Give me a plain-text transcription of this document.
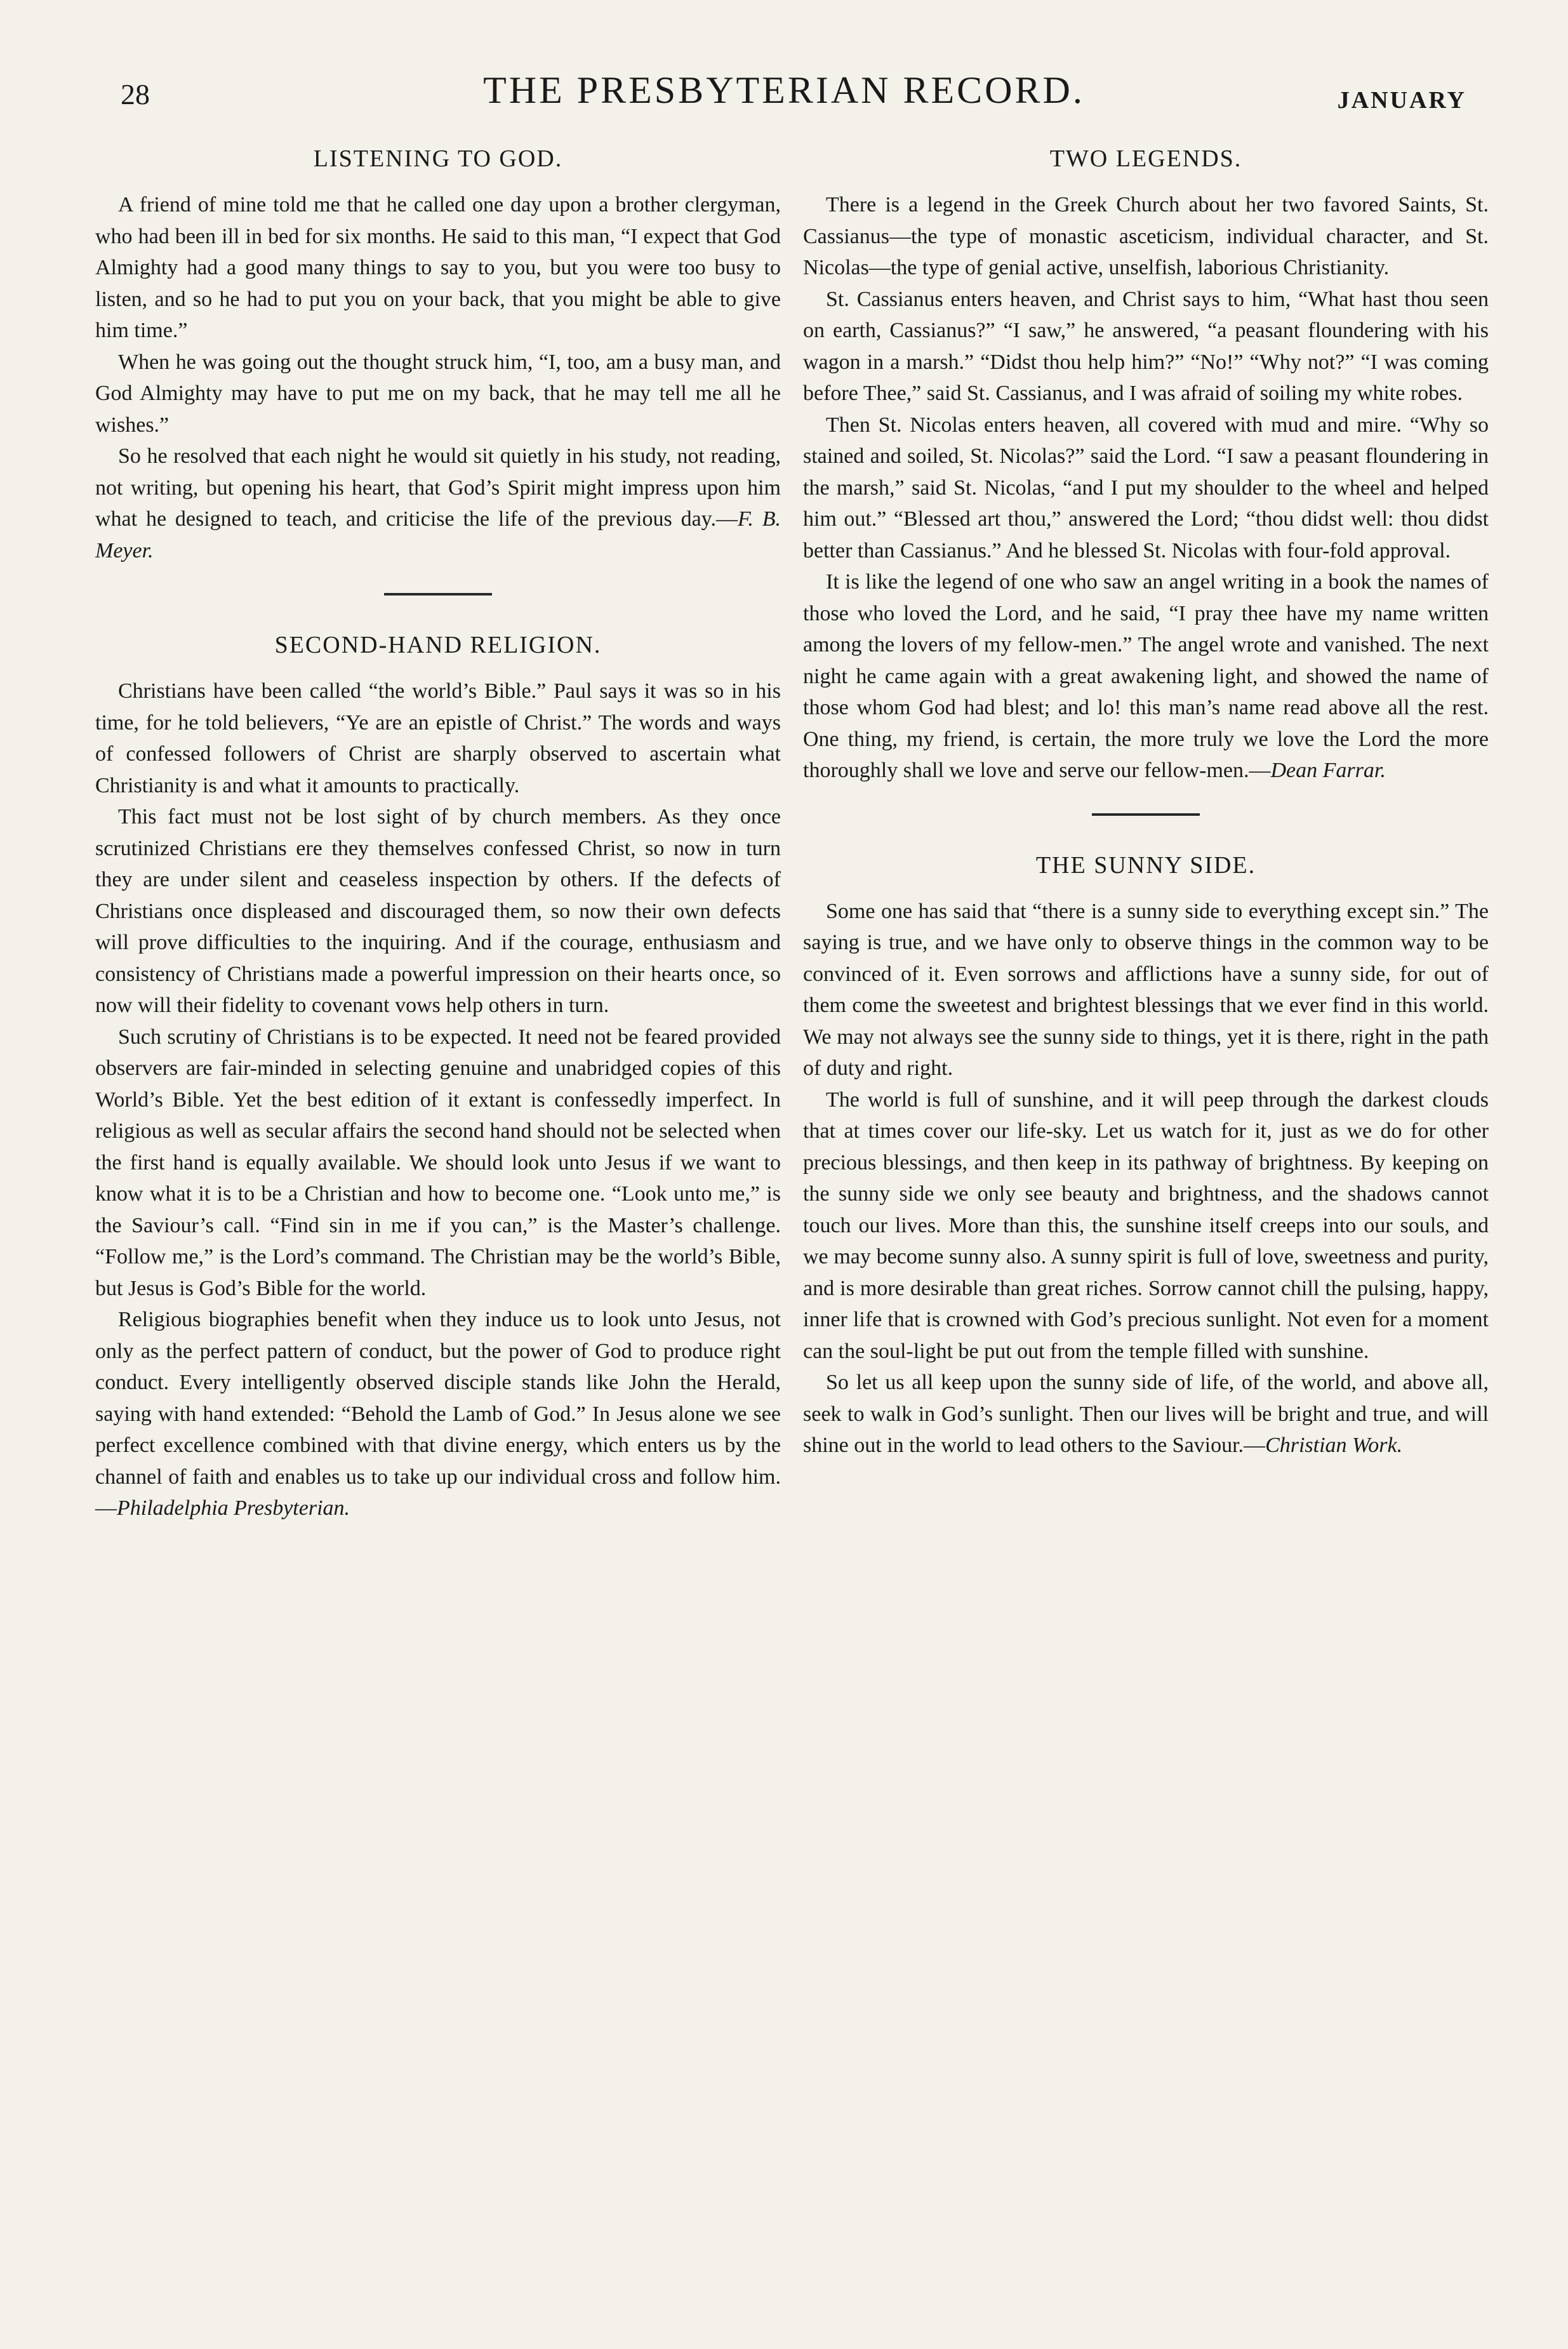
28	THE PRESBYTERIAN RECORD.	JANUARY
LISTENING TO GOD.

A friend of mine told me that he called one day upon a brother clergyman, who had been ill in bed for six months. He said to this man, “I expect that God Almighty had a good many things to say to you, but you were too busy to listen, and so he had to put you on your back, that you might be able to give him time.”

When he was going out the thought struck him, “I, too, am a busy man, and God Almighty may have to put me on my back, that he may tell me all he wishes.”

So he resolved that each night he would sit quietly in his study, not reading, not writing, but opening his heart, that God’s Spirit might impress upon him what he designed to teach, and criticise the life of the previous day.—F. B. Meyer.

SECOND-HAND RELIGION.

Christians have been called “the world’s Bible.” Paul says it was so in his time, for he told believers, “Ye are an epistle of Christ.” The words and ways of confessed followers of Christ are sharply observed to ascertain what Christianity is and what it amounts to practically.

This fact must not be lost sight of by church members. As they once scrutinized Christians ere they themselves confessed Christ, so now in turn they are under silent and ceaseless inspection by others. If the defects of Christians once displeased and discouraged them, so now their own defects will prove difficulties to the inquiring. And if the courage, enthusiasm and consistency of Christians made a powerful impression on their hearts once, so now will their fidelity to covenant vows help others in turn.

Such scrutiny of Christians is to be expected. It need not be feared provided observers are fair-minded in selecting genuine and unabridged copies of this World’s Bible. Yet the best edition of it extant is confessedly imperfect. In religious as well as secular affairs the second hand should not be selected when the first hand is equally available. We should look unto Jesus if we want to know what it is to be a Christian and how to become one. “Look unto me,” is the Saviour’s call. “Find sin in me if you can,” is the Master’s challenge. “Follow me,” is the Lord’s command. The Christian may be the world’s Bible, but Jesus is God’s Bible for the world.

Religious biographies benefit when they induce us to look unto Jesus, not only as the perfect pattern of conduct, but the power of God to produce right conduct. Every intelligently observed disciple stands like John the Herald, saying with hand extended: “Behold the Lamb of God.” In Jesus alone we see perfect excellence combined with that divine energy, which enters us by the channel of faith and enables us to take up our individual cross and follow him.—Philadelphia Presbyterian.

TWO LEGENDS.

There is a legend in the Greek Church about her two favored Saints, St. Cassianus—the type of monastic asceticism, individual character, and St. Nicolas—the type of genial active, unselfish, laborious Christianity.

St. Cassianus enters heaven, and Christ says to him, “What hast thou seen on earth, Cassianus?” “I saw,” he answered, “a peasant floundering with his wagon in a marsh.” “Didst thou help him?” “No!” “Why not?” “I was coming before Thee,” said St. Cassianus, and I was afraid of soiling my white robes.

Then St. Nicolas enters heaven, all covered with mud and mire. “Why so stained and soiled, St. Nicolas?” said the Lord. “I saw a peasant floundering in the marsh,” said St. Nicolas, “and I put my shoulder to the wheel and helped him out.” “Blessed art thou,” answered the Lord; “thou didst well: thou didst better than Cassianus.” And he blessed St. Nicolas with four-fold approval.

It is like the legend of one who saw an angel writing in a book the names of those who loved the Lord, and he said, “I pray thee have my name written among the lovers of my fellow-men.” The angel wrote and vanished. The next night he came again with a great awakening light, and showed the name of those whom God had blest; and lo! this man’s name read above all the rest. One thing, my friend, is certain, the more truly we love the Lord the more thoroughly shall we love and serve our fellow-men.—Dean Farrar.

THE SUNNY SIDE.

Some one has said that “there is a sunny side to everything except sin.” The saying is true, and we have only to observe things in the common way to be convinced of it. Even sorrows and afflictions have a sunny side, for out of them come the sweetest and brightest blessings that we ever find in this world. We may not always see the sunny side to things, yet it is there, right in the path of duty and right.

The world is full of sunshine, and it will peep through the darkest clouds that at times cover our life-sky. Let us watch for it, just as we do for other precious blessings, and then keep in its pathway of brightness. By keeping on the sunny side we only see beauty and brightness, and the shadows cannot touch our lives. More than this, the sunshine itself creeps into our souls, and we may become sunny also. A sunny spirit is full of love, sweetness and purity, and is more desirable than great riches. Sorrow cannot chill the pulsing, happy, inner life that is crowned with God’s precious sunlight. Not even for a moment can the soul-light be put out from the temple filled with sunshine.

So let us all keep upon the sunny side of life, of the world, and above all, seek to walk in God’s sunlight. Then our lives will be bright and true, and will shine out in the world to lead others to the Saviour.—Christian Work.
